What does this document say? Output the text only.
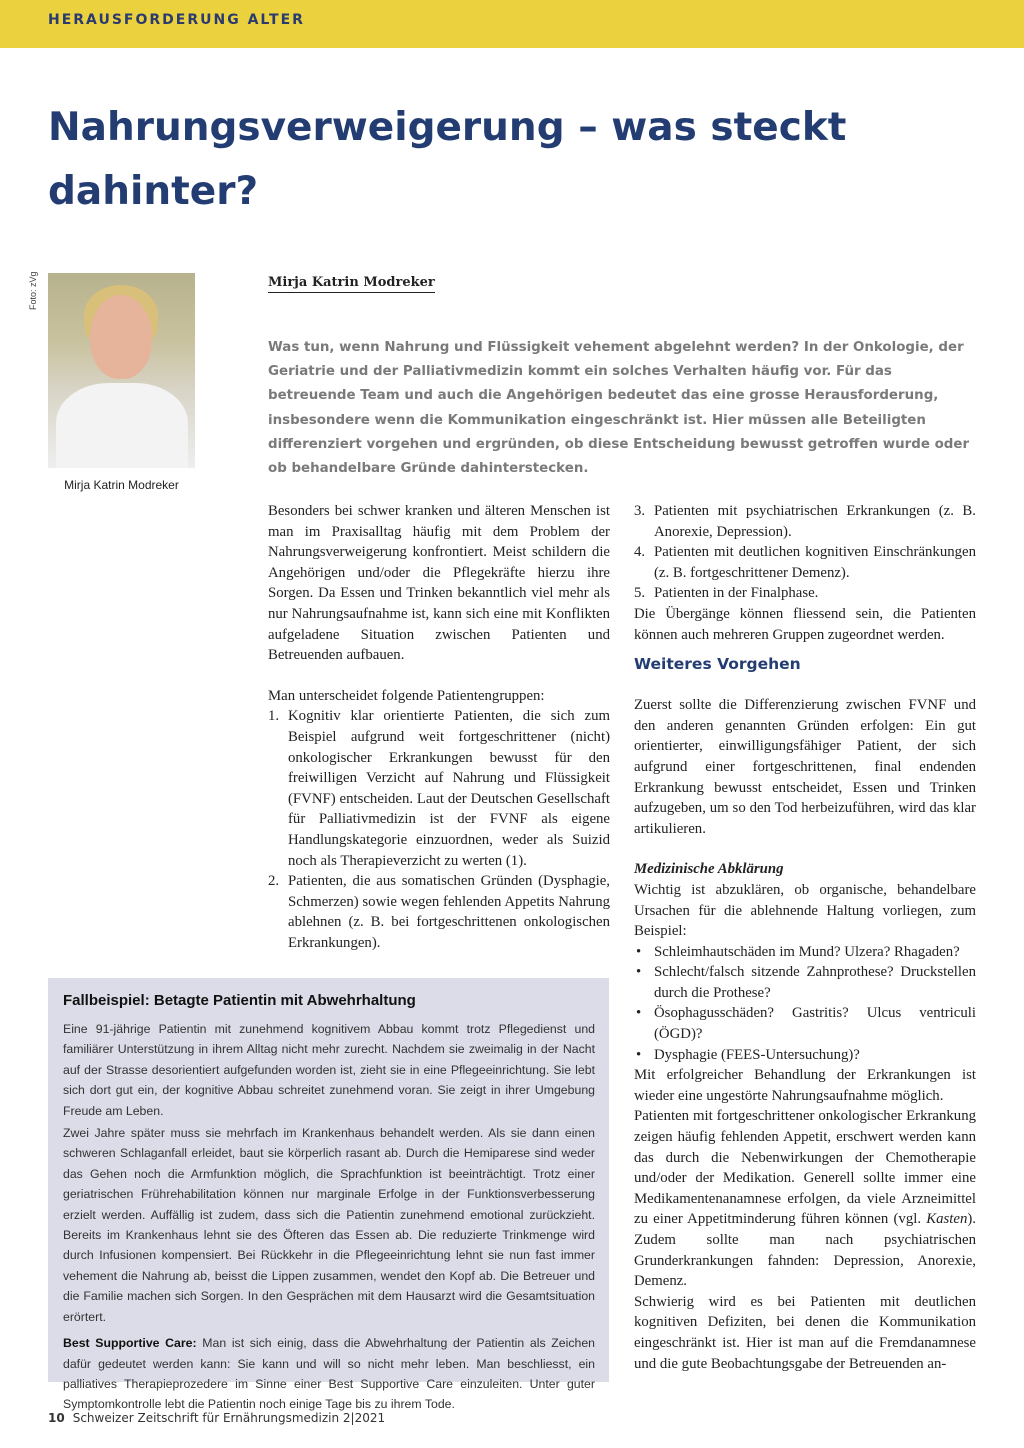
HERAUSFORDERUNG ALTER
Nahrungsverweigerung – was steckt dahinter?
Foto: zVg
Mirja Katrin Modreker
Mirja Katrin Modreker

Was tun, wenn Nahrung und Flüssigkeit vehement abgelehnt werden? In der Onkologie, der Geriatrie und der Palliativmedizin kommt ein solches Verhalten häufig vor. Für das betreuende Team und auch die Angehörigen bedeutet das eine grosse Herausforderung, insbesondere wenn die Kommunikation eingeschränkt ist. Hier müssen alle Beteiligten differenziert vorgehen und ergründen, ob diese Entscheidung bewusst getroffen wurde oder ob behandelbare Gründe dahinterstecken.

Besonders bei schwer kranken und älteren Menschen ist man im Praxisalltag häufig mit dem Problem der Nahrungsverweigerung konfrontiert. Meist schildern die Angehörigen und/oder die Pflegekräfte hierzu ihre Sorgen. Da Essen und Trinken bekanntlich viel mehr als nur Nahrungsaufnahme ist, kann sich eine mit Konflikten aufgeladene Situation zwischen Patienten und Betreuenden aufbauen.

Man unterscheidet folgende Patientengruppen:

1. Kognitiv klar orientierte Patienten, die sich zum Beispiel aufgrund weit fortgeschrittener (nicht) onkologischer Erkrankungen bewusst für den freiwilligen Verzicht auf Nahrung und Flüssigkeit (FVNF) entscheiden. Laut der Deutschen Gesellschaft für Palliativmedizin ist der FVNF als eigene Handlungskategorie einzuordnen, weder als Suizid noch als Therapieverzicht zu werten (1).
2. Patienten, die aus somatischen Gründen (Dysphagie, Schmerzen) sowie wegen fehlenden Appetits Nahrung ablehnen (z. B. bei fortgeschrittenen onkologischen Erkrankungen).
3. Patienten mit psychiatrischen Erkrankungen (z. B. Anorexie, Depression).
4. Patienten mit deutlichen kognitiven Einschränkungen (z. B. fortgeschrittener Demenz).
5. Patienten in der Finalphase.

Die Übergänge können fliessend sein, die Patienten können auch mehreren Gruppen zugeordnet werden.

Weiteres Vorgehen

Zuerst sollte die Differenzierung zwischen FVNF und den anderen genannten Gründen erfolgen: Ein gut orientierter, einwilligungsfähiger Patient, der sich aufgrund einer fortgeschrittenen, final endenden Erkrankung bewusst entscheidet, Essen und Trinken aufzugeben, um so den Tod herbeizuführen, wird das klar artikulieren.

Medizinische Abklärung

Wichtig ist abzuklären, ob organische, behandelbare Ursachen für die ablehnende Haltung vorliegen, zum Beispiel:

• Schleimhautschäden im Mund? Ulzera? Rhagaden?
• Schlecht/falsch sitzende Zahnprothese? Druckstellen durch die Prothese?
• Ösophagusschäden? Gastritis? Ulcus ventriculi (ÖGD)?
• Dysphagie (FEES-Untersuchung)?

Mit erfolgreicher Behandlung der Erkrankungen ist wieder eine ungestörte Nahrungsaufnahme möglich.

Patienten mit fortgeschrittener onkologischer Erkrankung zeigen häufig fehlenden Appetit, erschwert werden kann das durch die Nebenwirkungen der Chemotherapie und/oder der Medikation. Generell sollte immer eine Medikamentenanamnese erfolgen, da viele Arzneimittel zu einer Appetitminderung führen können (vgl. Kasten). Zudem sollte man nach psychiatrischen Grunderkrankungen fahnden: Depression, Anorexie, Demenz.

Schwierig wird es bei Patienten mit deutlichen kognitiven Defiziten, bei denen die Kommunikation eingeschränkt ist. Hier ist man auf die Fremdanamnese und die gute Beobachtungsgabe der Betreuenden an-

Fallbeispiel: Betagte Patientin mit Abwehrhaltung

Eine 91-jährige Patientin mit zunehmend kognitivem Abbau kommt trotz Pflegedienst und familiärer Unterstützung in ihrem Alltag nicht mehr zurecht. Nachdem sie zweimalig in der Nacht auf der Strasse desorientiert aufgefunden worden ist, zieht sie in eine Pflegeeinrichtung. Sie lebt sich dort gut ein, der kognitive Abbau schreitet zunehmend voran. Sie zeigt in ihrer Umgebung Freude am Leben.

Zwei Jahre später muss sie mehrfach im Krankenhaus behandelt werden. Als sie dann einen schweren Schlaganfall erleidet, baut sie körperlich rasant ab. Durch die Hemiparese sind weder das Gehen noch die Armfunktion möglich, die Sprachfunktion ist beeinträchtigt. Trotz einer geriatrischen Frührehabilitation können nur marginale Erfolge in der Funktionsverbesserung erzielt werden. Auffällig ist zudem, dass sich die Patientin zunehmend emotional zurückzieht. Bereits im Krankenhaus lehnt sie des Öfteren das Essen ab. Die reduzierte Trinkmenge wird durch Infusionen kompensiert. Bei Rückkehr in die Pflegeeinrichtung lehnt sie nun fast immer vehement die Nahrung ab, beisst die Lippen zusammen, wendet den Kopf ab. Die Betreuer und die Familie machen sich Sorgen. In den Gesprächen mit dem Hausarzt wird die Gesamtsituation erörtert.

Best Supportive Care: Man ist sich einig, dass die Abwehrhaltung der Patientin als Zeichen dafür gedeutet werden kann: Sie kann und will so nicht mehr leben. Man beschliesst, ein palliatives Therapieprozedere im Sinne einer Best Supportive Care einzuleiten. Unter guter Symptomkontrolle lebt die Patientin noch einige Tage bis zu ihrem Tode.

10 Schweizer Zeitschrift für Ernährungsmedizin 2|2021
